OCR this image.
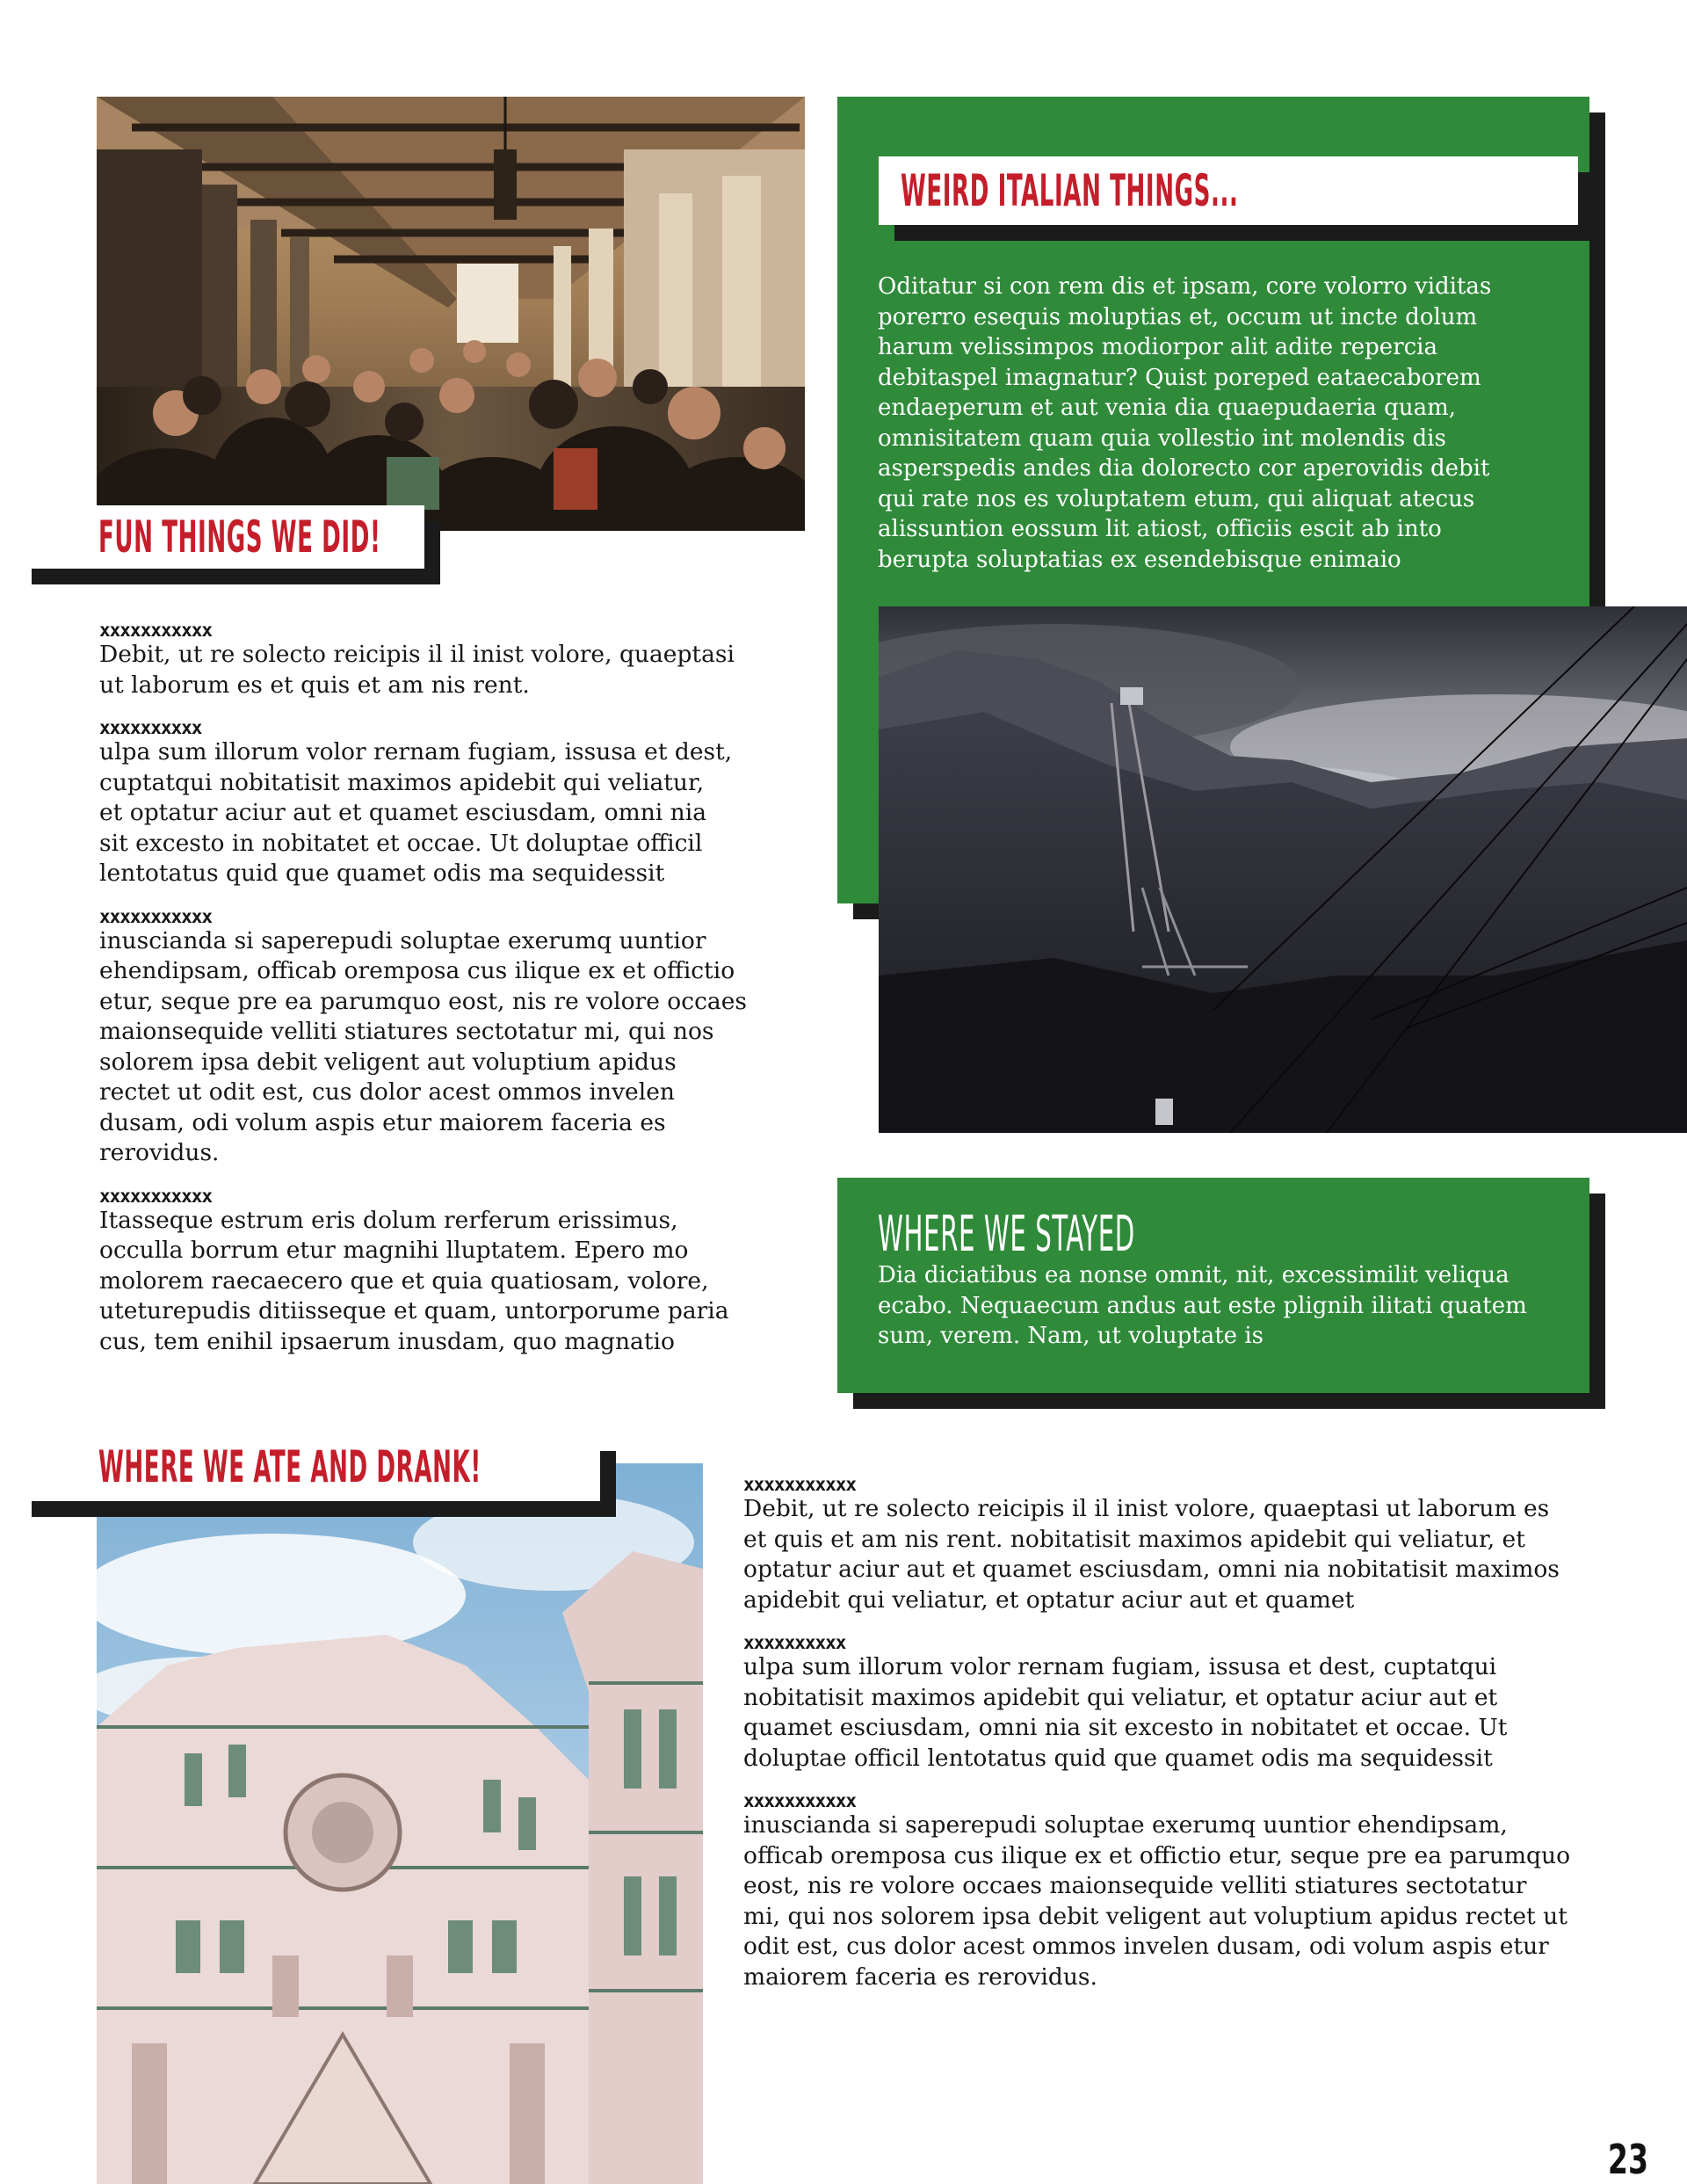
FUN THINGS WE DID!
WEIRD ITALIAN THINGS...
Oditatur si con rem dis et ipsam, core volorro viditas
porerro esequis moluptias et, occum ut incte dolum
harum velissimpos modiorpor alit adite repercia
debitaspel imagnatur? Quist poreped eataecaborem
endaeperum et aut venia dia quaepudaeria quam,
omnisitatem quam quia vollestio int molendis dis
asperspedis andes dia dolorecto cor aperovidis debit
qui rate nos es voluptatem etum, qui aliquat atecus
alissuntion eossum lit atiost, officiis escit ab into
berupta soluptatias ex esendebisque enimaio
WHERE WE STAYED
Dia diciatibus ea nonse omnit, nit, excessimilit veliqua
ecabo. Nequaecum andus aut este plignih ilitati quatem
sum, verem. Nam, ut voluptate is
xxxxxxxxxxx
Debit, ut re solecto reicipis il il inist volore, quaeptasi
ut laborum es et quis et am nis rent.
xxxxxxxxxx
ulpa sum illorum volor rernam fugiam, issusa et dest,
cuptatqui nobitatisit maximos apidebit qui veliatur,
et optatur aciur aut et quamet esciusdam, omni nia
sit excesto in nobitatet et occae. Ut doluptae officil
lentotatus quid que quamet odis ma sequidessit
xxxxxxxxxxx
inuscianda si saperepudi soluptae exerumq uuntior
ehendipsam, officab oremposa cus ilique ex et offictio
etur, seque pre ea parumquo eost, nis re volore occaes
maionsequide velliti stiatures sectotatur mi, qui nos
solorem ipsa debit veligent aut voluptium apidus
rectet ut odit est, cus dolor acest ommos invelen
dusam, odi volum aspis etur maiorem faceria es
rerovidus.
xxxxxxxxxxx
Itasseque estrum eris dolum rerferum erissimus,
occulla borrum etur magnihi lluptatem. Epero mo
molorem raecaecero que et quia quatiosam, volore,
uteturepudis ditiisseque et quam, untorporume paria
cus, tem enihil ipsaerum inusdam, quo magnatio
WHERE WE ATE AND DRANK!	xxxxxxxxxxx
Debit, ut re solecto reicipis il il inist volore, quaeptasi ut laborum es
et quis et am nis rent. nobitatisit maximos apidebit qui veliatur, et
optatur aciur aut et quamet esciusdam, omni nia nobitatisit maximos
apidebit qui veliatur, et optatur aciur aut et quamet
xxxxxxxxxx
ulpa sum illorum volor rernam fugiam, issusa et dest, cuptatqui
nobitatisit maximos apidebit qui veliatur, et optatur aciur aut et
quamet esciusdam, omni nia sit excesto in nobitatet et occae. Ut
doluptae officil lentotatus quid que quamet odis ma sequidessit
xxxxxxxxxxx
inuscianda si saperepudi soluptae exerumq uuntior ehendipsam,
officab oremposa cus ilique ex et offictio etur, seque pre ea parumquo
eost, nis re volore occaes maionsequide velliti stiatures sectotatur
mi, qui nos solorem ipsa debit veligent aut voluptium apidus rectet ut
odit est, cus dolor acest ommos invelen dusam, odi volum aspis etur
maiorem faceria es rerovidus.
23
